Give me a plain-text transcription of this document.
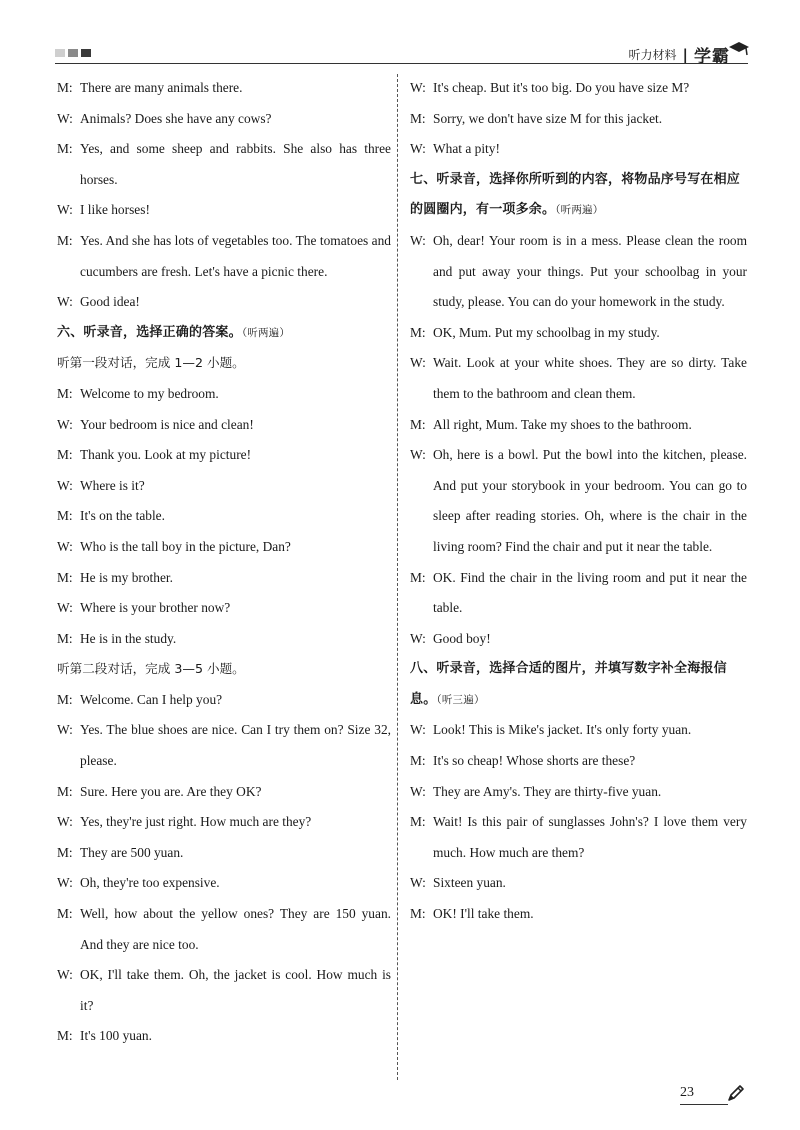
听力材料 | 学霸
M: There are many animals there.
W: Animals? Does she have any cows?
M: Yes, and some sheep and rabbits. She also has three horses.
W: I like horses!
M: Yes. And she has lots of vegetables too. The tomatoes and cucumbers are fresh. Let's have a picnic there.
W: Good idea!
六、听录音，选择正确的答案。（听两遍）
听第一段对话，完成 1—2 小题。
M: Welcome to my bedroom.
W: Your bedroom is nice and clean!
M: Thank you. Look at my picture!
W: Where is it?
M: It's on the table.
W: Who is the tall boy in the picture, Dan?
M: He is my brother.
W: Where is your brother now?
M: He is in the study.
听第二段对话，完成 3—5 小题。
M: Welcome. Can I help you?
W: Yes. The blue shoes are nice. Can I try them on? Size 32, please.
M: Sure. Here you are. Are they OK?
W: Yes, they're just right. How much are they?
M: They are 500 yuan.
W: Oh, they're too expensive.
M: Well, how about the yellow ones? They are 150 yuan. And they are nice too.
W: OK, I'll take them. Oh, the jacket is cool. How much is it?
M: It's 100 yuan.
W: It's cheap. But it's too big. Do you have size M?
M: Sorry, we don't have size M for this jacket.
W: What a pity!
七、听录音，选择你所听到的内容，将物品序号写在相应的圆圈内，有一项多余。（听两遍）
W: Oh, dear! Your room is in a mess. Please clean the room and put away your things. Put your schoolbag in your study, please. You can do your homework in the study.
M: OK, Mum. Put my schoolbag in my study.
W: Wait. Look at your white shoes. They are so dirty. Take them to the bathroom and clean them.
M: All right, Mum. Take my shoes to the bathroom.
W: Oh, here is a bowl. Put the bowl into the kitchen, please. And put your storybook in your bedroom. You can go to sleep after reading stories. Oh, where is the chair in the living room? Find the chair and put it near the table.
M: OK. Find the chair in the living room and put it near the table.
W: Good boy!
八、听录音，选择合适的图片，并填写数字补全海报信息。（听三遍）
W: Look! This is Mike's jacket. It's only forty yuan.
M: It's so cheap! Whose shorts are these?
W: They are Amy's. They are thirty-five yuan.
M: Wait! Is this pair of sunglasses John's? I love them very much. How much are them?
W: Sixteen yuan.
M: OK! I'll take them.
23
